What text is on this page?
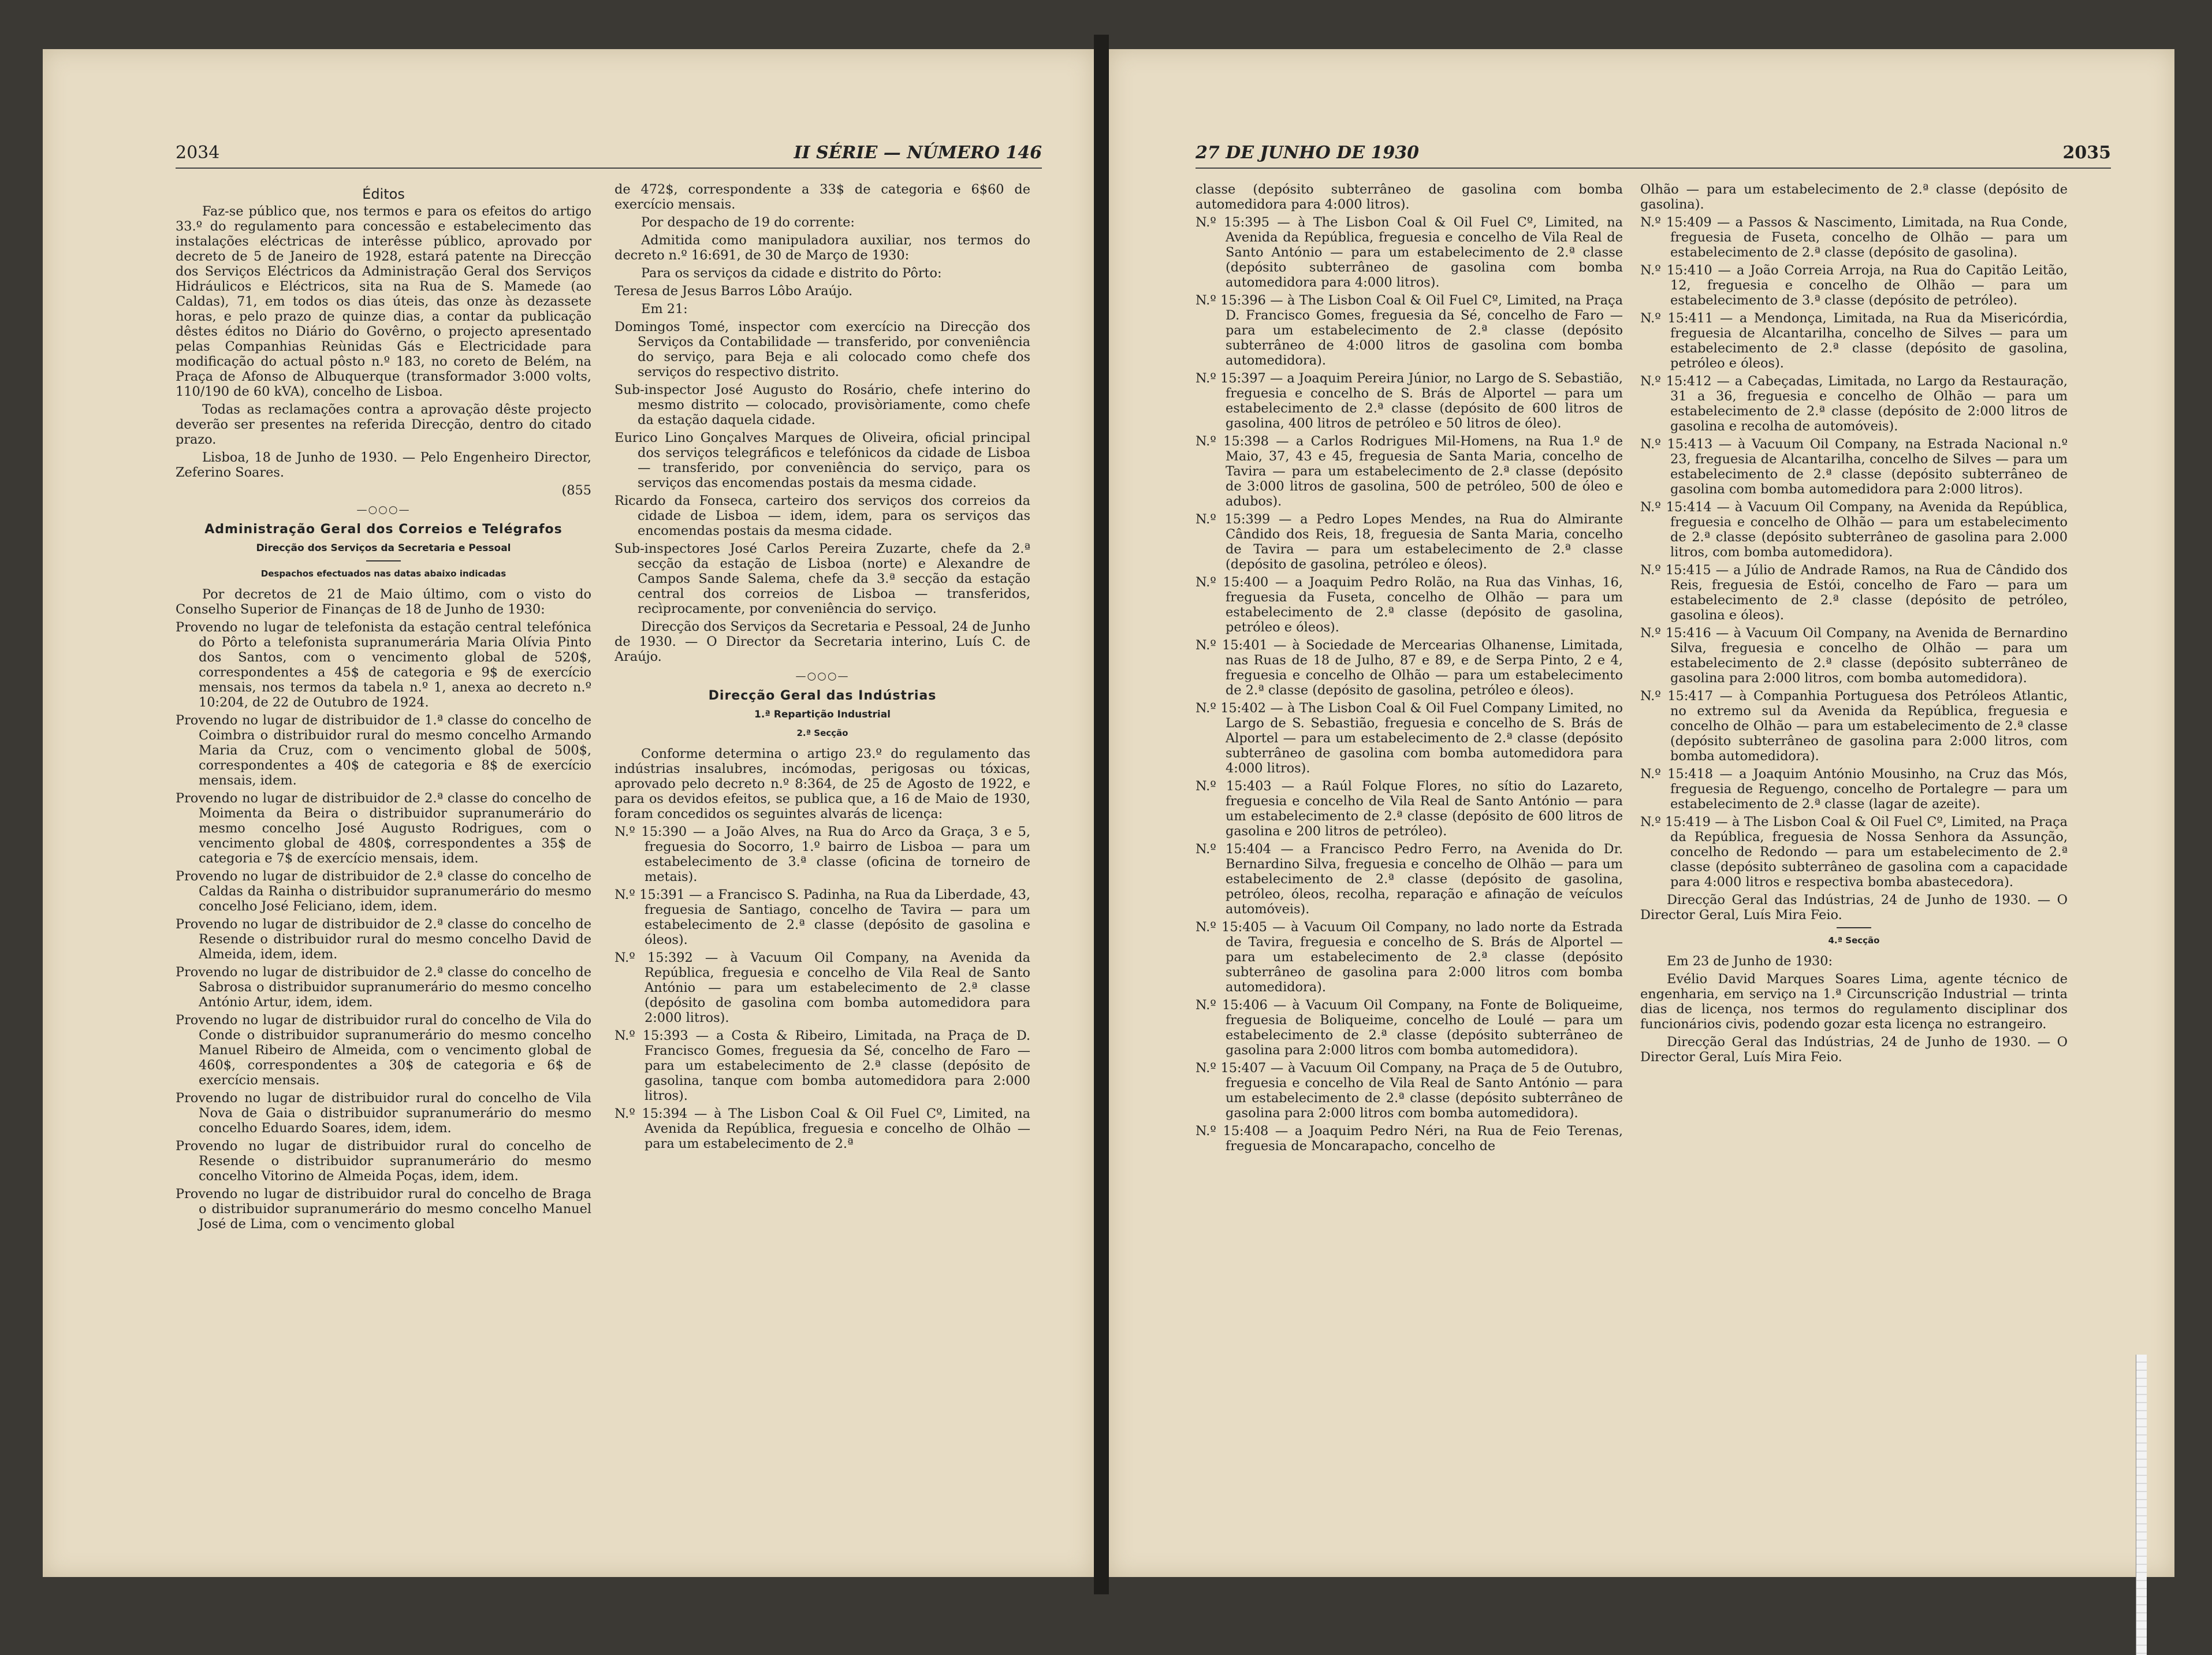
2034	II SÉRIE — NÚMERO 146
Éditos

Faz-se público que, nos termos e para os efeitos do artigo 33.º do regulamento para concessão e estabelecimento das instalações eléctricas de interêsse público, aprovado por decreto de 5 de Janeiro de 1928, estará patente na Direcção dos Serviços Eléctricos da Administração Geral dos Serviços Hidráulicos e Eléctricos, sita na Rua de S. Mamede (ao Caldas), 71, em todos os dias úteis, das onze às dezassete horas, e pelo prazo de quinze dias, a contar da publicação dêstes éditos no Diário do Govêrno, o projecto apresentado pelas Companhias Reùnidas Gás e Electricidade para modificação do actual pôsto n.º 183, no coreto de Belém, na Praça de Afonso de Albuquerque (transformador 3:000 volts, 110/190 de 60 kVA), concelho de Lisboa.

Todas as reclamações contra a aprovação dêste projecto deverão ser presentes na referida Direcção, dentro do citado prazo.

Lisboa, 18 de Junho de 1930. — Pelo Engenheiro Director, Zeferino Soares.

(855

—○○○—
Administração Geral dos Correios e Telégrafos
Direcção dos Serviços da Secretaria e Pessoal
Despachos efectuados nas datas abaixo indicadas

Por decretos de 21 de Maio último, com o visto do Conselho Superior de Finanças de 18 de Junho de 1930:

Provendo no lugar de telefonista da estação central telefónica do Pôrto a telefonista supranumerária Maria Olívia Pinto dos Santos, com o vencimento global de 520$, correspondentes a 45$ de categoria e 9$ de exercício mensais, nos termos da tabela n.º 1, anexa ao decreto n.º 10:204, de 22 de Outubro de 1924.

Provendo no lugar de distribuidor de 1.ª classe do concelho de Coimbra o distribuidor rural do mesmo concelho Armando Maria da Cruz, com o vencimento global de 500$, correspondentes a 40$ de categoria e 8$ de exercício mensais, idem.

Provendo no lugar de distribuidor de 2.ª classe do concelho de Moimenta da Beira o distribuidor supranumerário do mesmo concelho José Augusto Rodrigues, com o vencimento global de 480$, correspondentes a 35$ de categoria e 7$ de exercício mensais, idem.

Provendo no lugar de distribuidor de 2.ª classe do concelho de Caldas da Rainha o distribuidor supranumerário do mesmo concelho José Feliciano, idem, idem.

Provendo no lugar de distribuidor de 2.ª classe do concelho de Resende o distribuidor rural do mesmo concelho David de Almeida, idem, idem.

Provendo no lugar de distribuidor de 2.ª classe do concelho de Sabrosa o distribuidor supranumerário do mesmo concelho António Artur, idem, idem.

Provendo no lugar de distribuidor rural do concelho de Vila do Conde o distribuidor supranumerário do mesmo concelho Manuel Ribeiro de Almeida, com o vencimento global de 460$, correspondentes a 30$ de categoria e 6$ de exercício mensais.

Provendo no lugar de distribuidor rural do concelho de Vila Nova de Gaia o distribuidor supranumerário do mesmo concelho Eduardo Soares, idem, idem.

Provendo no lugar de distribuidor rural do concelho de Resende o distribuidor supranumerário do mesmo concelho Vitorino de Almeida Poças, idem, idem.

Provendo no lugar de distribuidor rural do concelho de Braga o distribuidor supranumerário do mesmo concelho Manuel José de Lima, com o vencimento global

de 472$, correspondente a 33$ de categoria e 6$60 de exercício mensais.

Por despacho de 19 do corrente:

Admitida como manipuladora auxiliar, nos termos do decreto n.º 16:691, de 30 de Março de 1930:

Para os serviços da cidade e distrito do Pôrto:

Teresa de Jesus Barros Lôbo Araújo.

Em 21:

Domingos Tomé, inspector com exercício na Direcção dos Serviços da Contabilidade — transferido, por conveniência do serviço, para Beja e ali colocado como chefe dos serviços do respectivo distrito.

Sub-inspector José Augusto do Rosário, chefe interino do mesmo distrito — colocado, provisòriamente, como chefe da estação daquela cidade.

Eurico Lino Gonçalves Marques de Oliveira, oficial principal dos serviços telegráficos e telefónicos da cidade de Lisboa — transferido, por conveniência do serviço, para os serviços das encomendas postais da mesma cidade.

Ricardo da Fonseca, carteiro dos serviços dos correios da cidade de Lisboa — idem, idem, para os serviços das encomendas postais da mesma cidade.

Sub-inspectores José Carlos Pereira Zuzarte, chefe da 2.ª secção da estação de Lisboa (norte) e Alexandre de Campos Sande Salema, chefe da 3.ª secção da estação central dos correios de Lisboa — transferidos, recìprocamente, por conveniência do serviço.

Direcção dos Serviços da Secretaria e Pessoal, 24 de Junho de 1930. — O Director da Secretaria interino, Luís C. de Araújo.

—○○○—
Direcção Geral das Indústrias
1.ª Repartição Industrial
2.ª Secção

Conforme determina o artigo 23.º do regulamento das indústrias insalubres, incómodas, perigosas ou tóxicas, aprovado pelo decreto n.º 8:364, de 25 de Agosto de 1922, e para os devidos efeitos, se publica que, a 16 de Maio de 1930, foram concedidos os seguintes alvarás de licença:

N.º 15:390 — a João Alves, na Rua do Arco da Graça, 3 e 5, freguesia do Socorro, 1.º bairro de Lisboa — para um estabelecimento de 3.ª classe (oficina de torneiro de metais).

N.º 15:391 — a Francisco S. Padinha, na Rua da Liberdade, 43, freguesia de Santiago, concelho de Tavira — para um estabelecimento de 2.ª classe (depósito de gasolina e óleos).

N.º 15:392 — à Vacuum Oil Company, na Avenida da República, freguesia e concelho de Vila Real de Santo António — para um estabelecimento de 2.ª classe (depósito de gasolina com bomba automedidora para 2:000 litros).

N.º 15:393 — a Costa & Ribeiro, Limitada, na Praça de D. Francisco Gomes, freguesia da Sé, concelho de Faro — para um estabelecimento de 2.ª classe (depósito de gasolina, tanque com bomba automedidora para 2:000 litros).

N.º 15:394 — à The Lisbon Coal & Oil Fuel Cº, Limited, na Avenida da República, freguesia e concelho de Olhão — para um estabelecimento de 2.ª

27 DE JUNHO DE 1930	2035

classe (depósito subterrâneo de gasolina com bomba automedidora para 4:000 litros).

N.º 15:395 — à The Lisbon Coal & Oil Fuel Cº, Limited, na Avenida da República, freguesia e concelho de Vila Real de Santo António — para um estabelecimento de 2.ª classe (depósito subterrâneo de gasolina com bomba automedidora para 4:000 litros).

N.º 15:396 — à The Lisbon Coal & Oil Fuel Cº, Limited, na Praça D. Francisco Gomes, freguesia da Sé, concelho de Faro — para um estabelecimento de 2.ª classe (depósito subterrâneo de 4:000 litros de gasolina com bomba automedidora).

N.º 15:397 — a Joaquim Pereira Júnior, no Largo de S. Sebastião, freguesia e concelho de S. Brás de Alportel — para um estabelecimento de 2.ª classe (depósito de 600 litros de gasolina, 400 litros de petróleo e 50 litros de óleo).

N.º 15:398 — a Carlos Rodrigues Mil-Homens, na Rua 1.º de Maio, 37, 43 e 45, freguesia de Santa Maria, concelho de Tavira — para um estabelecimento de 2.ª classe (depósito de 3:000 litros de gasolina, 500 de petróleo, 500 de óleo e adubos).

N.º 15:399 — a Pedro Lopes Mendes, na Rua do Almirante Cândido dos Reis, 18, freguesia de Santa Maria, concelho de Tavira — para um estabelecimento de 2.ª classe (depósito de gasolina, petróleo e óleos).

N.º 15:400 — a Joaquim Pedro Rolão, na Rua das Vinhas, 16, freguesia da Fuseta, concelho de Olhão — para um estabelecimento de 2.ª classe (depósito de gasolina, petróleo e óleos).

N.º 15:401 — à Sociedade de Mercearias Olhanense, Limitada, nas Ruas de 18 de Julho, 87 e 89, e de Serpa Pinto, 2 e 4, freguesia e concelho de Olhão — para um estabelecimento de 2.ª classe (depósito de gasolina, petróleo e óleos).

N.º 15:402 — à The Lisbon Coal & Oil Fuel Company Limited, no Largo de S. Sebastião, freguesia e concelho de S. Brás de Alportel — para um estabelecimento de 2.ª classe (depósito subterrâneo de gasolina com bomba automedidora para 4:000 litros).

N.º 15:403 — a Raúl Folque Flores, no sítio do Lazareto, freguesia e concelho de Vila Real de Santo António — para um estabelecimento de 2.ª classe (depósito de 600 litros de gasolina e 200 litros de petróleo).

N.º 15:404 — a Francisco Pedro Ferro, na Avenida do Dr. Bernardino Silva, freguesia e concelho de Olhão — para um estabelecimento de 2.ª classe (depósito de gasolina, petróleo, óleos, recolha, reparação e afinação de veículos automóveis).

N.º 15:405 — à Vacuum Oil Company, no lado norte da Estrada de Tavira, freguesia e concelho de S. Brás de Alportel — para um estabelecimento de 2.ª classe (depósito subterrâneo de gasolina para 2:000 litros com bomba automedidora).

N.º 15:406 — à Vacuum Oil Company, na Fonte de Boliqueime, freguesia de Boliqueime, concelho de Loulé — para um estabelecimento de 2.ª classe (depósito subterrâneo de gasolina para 2:000 litros com bomba automedidora).

N.º 15:407 — à Vacuum Oil Company, na Praça de 5 de Outubro, freguesia e concelho de Vila Real de Santo António — para um estabelecimento de 2.ª classe (depósito subterrâneo de gasolina para 2:000 litros com bomba automedidora).

N.º 15:408 — a Joaquim Pedro Néri, na Rua de Feio Terenas, freguesia de Moncarapacho, concelho de

Olhão — para um estabelecimento de 2.ª classe (depósito de gasolina).

N.º 15:409 — a Passos & Nascimento, Limitada, na Rua Conde, freguesia de Fuseta, concelho de Olhão — para um estabelecimento de 2.ª classe (depósito de gasolina).

N.º 15:410 — a João Correia Arroja, na Rua do Capitão Leitão, 12, freguesia e concelho de Olhão — para um estabelecimento de 3.ª classe (depósito de petróleo).

N.º 15:411 — a Mendonça, Limitada, na Rua da Misericórdia, freguesia de Alcantarilha, concelho de Silves — para um estabelecimento de 2.ª classe (depósito de gasolina, petróleo e óleos).

N.º 15:412 — a Cabeçadas, Limitada, no Largo da Restauração, 31 a 36, freguesia e concelho de Olhão — para um estabelecimento de 2.ª classe (depósito de 2:000 litros de gasolina e recolha de automóveis).

N.º 15:413 — à Vacuum Oil Company, na Estrada Nacional n.º 23, freguesia de Alcantarilha, concelho de Silves — para um estabelecimento de 2.ª classe (depósito subterrâneo de gasolina com bomba automedidora para 2:000 litros).

N.º 15:414 — à Vacuum Oil Company, na Avenida da República, freguesia e concelho de Olhão — para um estabelecimento de 2.ª classe (depósito subterrâneo de gasolina para 2.000 litros, com bomba automedidora).

N.º 15:415 — a Júlio de Andrade Ramos, na Rua de Cândido dos Reis, freguesia de Estói, concelho de Faro — para um estabelecimento de 2.ª classe (depósito de petróleo, gasolina e óleos).

N.º 15:416 — à Vacuum Oil Company, na Avenida de Bernardino Silva, freguesia e concelho de Olhão — para um estabelecimento de 2.ª classe (depósito subterrâneo de gasolina para 2:000 litros, com bomba automedidora).

N.º 15:417 — à Companhia Portuguesa dos Petróleos Atlantic, no extremo sul da Avenida da República, freguesia e concelho de Olhão — para um estabelecimento de 2.ª classe (depósito subterrâneo de gasolina para 2:000 litros, com bomba automedidora).

N.º 15:418 — a Joaquim António Mousinho, na Cruz das Mós, freguesia de Reguengo, concelho de Portalegre — para um estabelecimento de 2.ª classe (lagar de azeite).

N.º 15:419 — à The Lisbon Coal & Oil Fuel Cº, Limited, na Praça da República, freguesia de Nossa Senhora da Assunção, concelho de Redondo — para um estabelecimento de 2.ª classe (depósito subterrâneo de gasolina com a capacidade para 4:000 litros e respectiva bomba abastecedora).

Direcção Geral das Indústrias, 24 de Junho de 1930. — O Director Geral, Luís Mira Feio.

4.ª Secção

Em 23 de Junho de 1930:

Evélio David Marques Soares Lima, agente técnico de engenharia, em serviço na 1.ª Circunscrição Industrial — trinta dias de licença, nos termos do regulamento disciplinar dos funcionários civis, podendo gozar esta licença no estrangeiro.

Direcção Geral das Indústrias, 24 de Junho de 1930. — O Director Geral, Luís Mira Feio.
